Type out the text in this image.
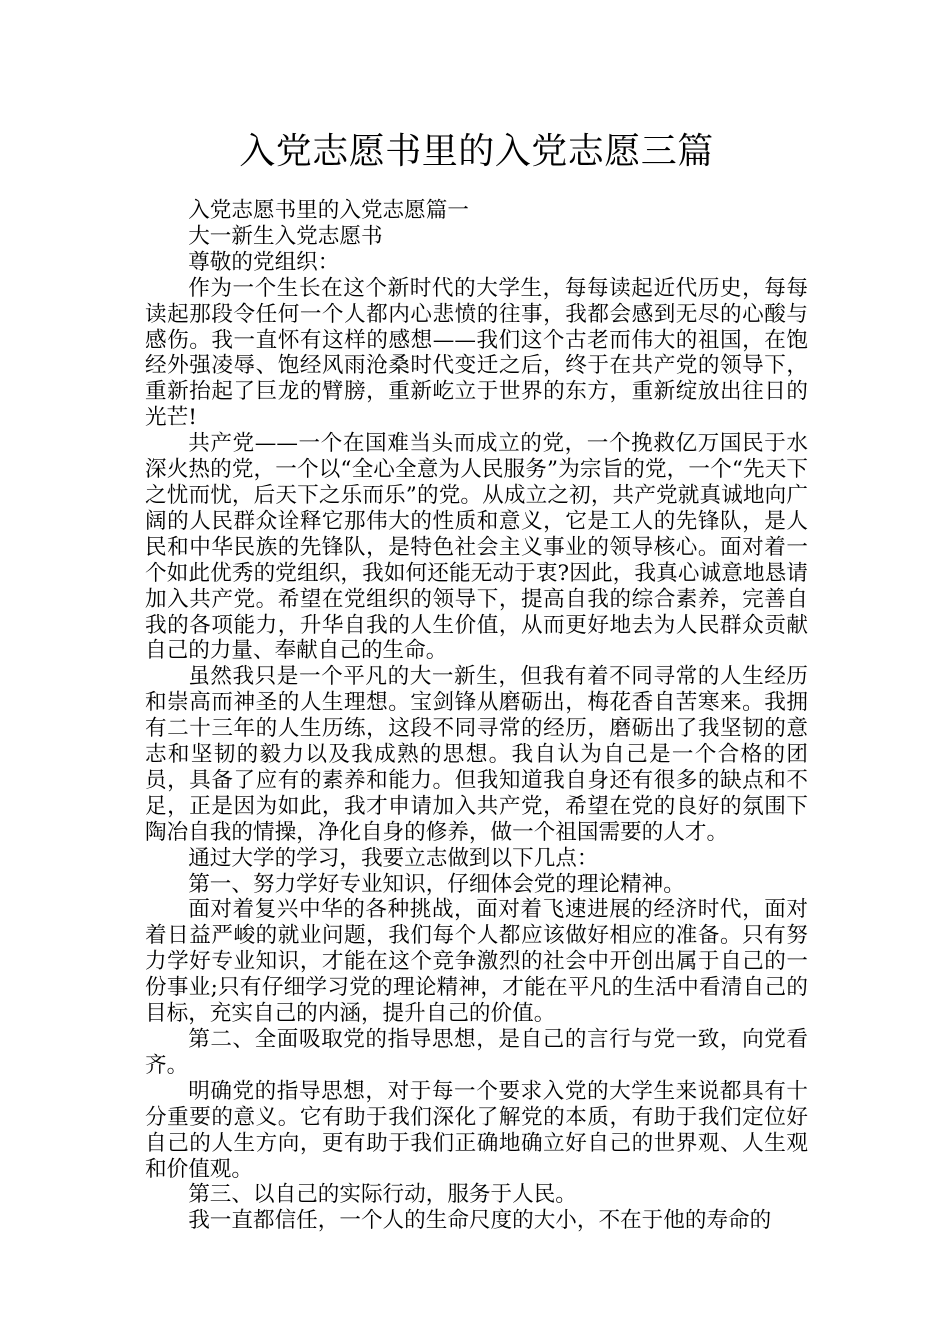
入党志愿书里的入党志愿三篇

入党志愿书里的入党志愿篇一

大一新生入党志愿书

尊敬的党组织：

作为一个生长在这个新时代的大学生，每每读起近代历史，每每读起那段令任何一个人都内心悲愤的往事，我都会感到无尽的心酸与感伤。我一直怀有这样的感想——我们这个古老而伟大的祖国，在饱经外强凌辱、饱经风雨沧桑时代变迁之后，终于在共产党的领导下，重新抬起了巨龙的臂膀，重新屹立于世界的东方，重新绽放出往日的光芒!

共产党——一个在国难当头而成立的党，一个挽救亿万国民于水深火热的党，一个以“全心全意为人民服务”为宗旨的党，一个“先天下之忧而忧，后天下之乐而乐”的党。从成立之初，共产党就真诚地向广阔的人民群众诠释它那伟大的性质和意义，它是工人的先锋队，是人民和中华民族的先锋队，是特色社会主义事业的领导核心。面对着一个如此优秀的党组织，我如何还能无动于衷?因此，我真心诚意地恳请加入共产党。希望在党组织的领导下，提高自我的综合素养，完善自我的各项能力，升华自我的人生价值，从而更好地去为人民群众贡献自己的力量、奉献自己的生命。

虽然我只是一个平凡的大一新生，但我有着不同寻常的人生经历和崇高而神圣的人生理想。宝剑锋从磨砺出，梅花香自苦寒来。我拥有二十三年的人生历练，这段不同寻常的经历，磨砺出了我坚韧的意志和坚韧的毅力以及我成熟的思想。我自认为自己是一个合格的团员，具备了应有的素养和能力。但我知道我自身还有很多的缺点和不足，正是因为如此，我才申请加入共产党，希望在党的良好的氛围下陶冶自我的情操，净化自身的修养，做一个祖国需要的人才。

通过大学的学习，我要立志做到以下几点：

第一、努力学好专业知识，仔细体会党的理论精神。

面对着复兴中华的各种挑战，面对着飞速进展的经济时代，面对着日益严峻的就业问题，我们每个人都应该做好相应的准备。只有努力学好专业知识，才能在这个竞争激烈的社会中开创出属于自己的一份事业;只有仔细学习党的理论精神，才能在平凡的生活中看清自己的目标，充实自己的内涵，提升自己的价值。

第二、全面吸取党的指导思想，是自己的言行与党一致，向党看齐。

明确党的指导思想，对于每一个要求入党的大学生来说都具有十分重要的意义。它有助于我们深化了解党的本质，有助于我们定位好自己的人生方向，更有助于我们正确地确立好自己的世界观、人生观和价值观。

第三、以自己的实际行动，服务于人民。

我一直都信任，一个人的生命尺度的大小，不在于他的寿命的
